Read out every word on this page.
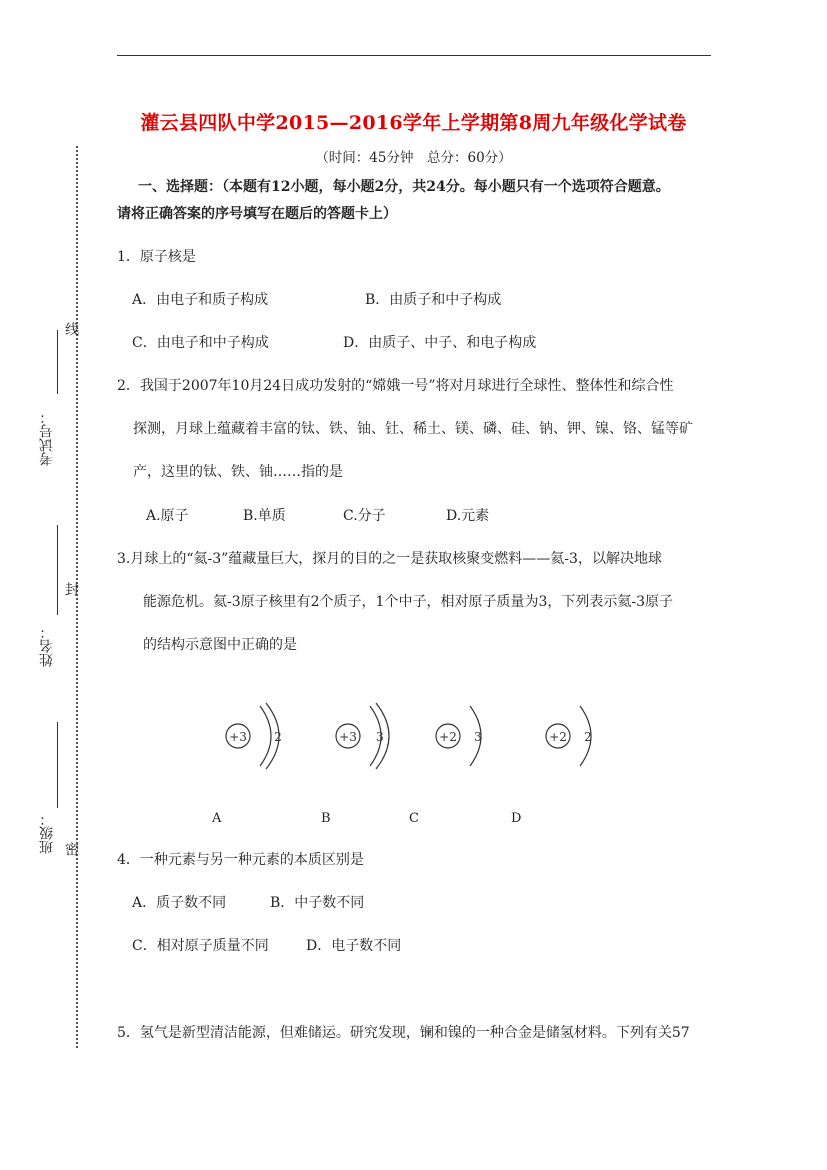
线
考试号：
封
姓名：
班级： 密
灌云县四队中学2015—2016学年上学期第8周九年级化学试卷
（时间：45分钟　总分：60分）
一、选择题：（本题有12小题，每小题2分，共24分。每小题只有一个选项符合题意。
请将正确答案的序号填写在题后的答题卡上）
1．原子核是
A．由电子和质子构成	B．由质子和中子构成
C．由电子和中子构成	D．由质子、中子、和电子构成
2．我国于2007年10月24日成功发射的“嫦娥一号”将对月球进行全球性、整体性和综合性
探测，月球上蕴藏着丰富的钛、铁、铀、钍、稀土、镁、磷、硅、钠、钾、镍、铬、锰等矿
产，这里的钛、铁、铀……指的是
A.原子	B.单质	C.分子	D.元素
3.月球上的“氦-3”蕴藏量巨大，探月的目的之一是获取核聚变燃料——氦-3，以解决地球
能源危机。氦-3原子核里有2个质子，1个中子，相对原子质量为3，下列表示氦-3原子
的结构示意图中正确的是
+3 2	+3 3	+2 3	+2 2
A	B	C	D
4．一种元素与另一种元素的本质区别是
A．质子数不同	B．中子数不同
C．相对原子质量不同	D．电子数不同
5．氢气是新型清洁能源，但难储运。研究发现，镧和镍的一种合金是储氢材料。下列有关57
